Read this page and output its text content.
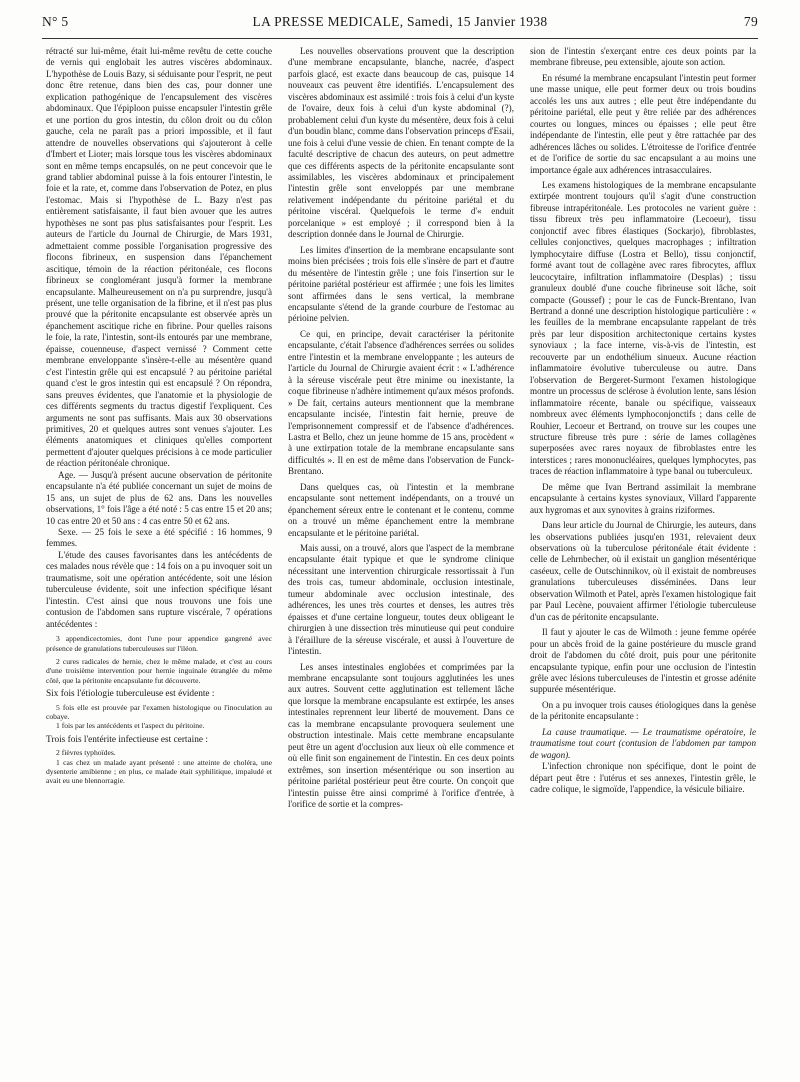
N° 5	LA PRESSE MEDICALE, Samedi, 15 Janvier 1938	79

rétracté sur lui-même, était lui-même revêtu de cette couche de vernis qui englobait les autres viscères abdominaux. L'hypothèse de Louis Bazy, si séduisante pour l'esprit, ne peut donc être retenue, dans bien des cas, pour donner une explication pathogénique de l'encapsulement des viscères abdominaux. Que l'épiploon puisse encapsuler l'intestin grêle et une portion du gros intestin, du côlon droit ou du côlon gauche, cela ne paraît pas a priori impossible, et il faut attendre de nouvelles observations qui s'ajouteront à celle d'Imbert et Lioter; mais lorsque tous les viscères abdominaux sont en même temps encapsulés, on ne peut concevoir que le grand tablier abdominal puisse à la fois entourer l'intestin, le foie et la rate, et, comme dans l'observation de Potez, en plus l'estomac. Mais si l'hypothèse de L. Bazy n'est pas entièrement satisfaisante, il faut bien avouer que les autres hypothèses ne sont pas plus satisfaisantes pour l'esprit. Les auteurs de l'article du Journal de Chirurgie, de Mars 1931, admettaient comme possible l'organisation progressive des flocons fibrineux, en suspension dans l'épanchement ascitique, témoin de la réaction péritonéale, ces flocons fibrineux se conglomérant jusqu'à former la membrane encapsulante. Malheureusement on n'a pu surprendre, jusqu'à présent, une telle organisation de la fibrine, et il n'est pas plus prouvé que la péritonite encapsulante est observée après un épanchement ascitique riche en fibrine. Pour quelles raisons le foie, la rate, l'intestin, sont-ils entourés par une membrane, épaisse, couenneuse, d'aspect vernissé ? Comment cette membrane enveloppante s'insère-t-elle au mésentère quand c'est l'intestin grêle qui est encapsulé ? au péritoine pariétal quand c'est le gros intestin qui est encapsulé ? On répondra, sans preuves évidentes, que l'anatomie et la physiologie de ces différents segments du tractus digestif l'expliquent. Ces arguments ne sont pas suffisants. Mais aux 30 observations primitives, 20 et quelques autres sont venues s'ajouter. Les éléments anatomiques et cliniques qu'elles comportent permettent d'ajouter quelques précisions à ce mode particulier de réaction péritonéale chronique.

Age. — Jusqu'à présent aucune observation de péritonite encapsulante n'a été publiée concernant un sujet de moins de 15 ans, un sujet de plus de 62 ans. Dans les nouvelles observations, 1° fois l'âge a été noté : 5 cas entre 15 et 20 ans; 10 cas entre 20 et 50 ans : 4 cas entre 50 et 62 ans.

Sexe. — 25 fois le sexe a été spécifié : 16 hommes, 9 femmes.

L'étude des causes favorisantes dans les antécédents de ces malades nous révèle que : 14 fois on a pu invoquer soit un traumatisme, soit une opération antécédente, soit une lésion tuberculeuse évidente, soit une infection spécifique lésant l'intestin. C'est ainsi que nous trouvons une fois une contusion de l'abdomen sans rupture viscérale, 7 opérations antécédentes :

3 appendicectomies, dont l'une pour appendice gangrené avec présence de granulations tuberculeuses sur l'iléon.

2 cures radicales de hernie, chez le même malade, et c'est au cours d'une troisième intervention pour hernie inguinale étranglée du même côté, que la péritonite encapsulante fut découverte.

Six fois l'étiologie tuberculeuse est évidente :

5 fois elle est prouvée par l'examen histologique ou l'inoculation au cobaye.

1 fois par les antécédents et l'aspect du péritoine.

Trois fois l'entérite infectieuse est certaine :

2 fièvres typhoïdes.

1 cas chez un malade ayant présenté : une atteinte de choléra, une dysenterie amibienne ; en plus, ce malade était syphilitique, impaludé et avait eu une blennorragie.

Les nouvelles observations prouvent que la description d'une membrane encapsulante, blanche, nacrée, d'aspect parfois glacé, est exacte dans beaucoup de cas, puisque 14 nouveaux cas peuvent être identifiés. L'encapsulement des viscères abdominaux est assimilé : trois fois à celui d'un kyste de l'ovaire, deux fois à celui d'un kyste abdominal (?), probablement celui d'un kyste du mésentère, deux fois à celui d'un boudin blanc, comme dans l'observation princeps d'Esaii, une fois à celui d'une vessie de chien. En tenant compte de la faculté descriptive de chacun des auteurs, on peut admettre que ces différents aspects de la péritonite encapsulante sont assimilables, les viscères abdominaux et principalement l'intestin grêle sont enveloppés par une membrane relativement indépendante du péritoine pariétal et du péritoine viscéral. Quelquefois le terme d'« enduit porcelanique » est employé ; il correspond bien à la description donnée dans le Journal de Chirurgie.

Les limites d'insertion de la membrane encapsulante sont moins bien précisées ; trois fois elle s'insère de part et d'autre du mésentère de l'intestin grêle ; une fois l'insertion sur le péritoine pariétal postérieur est affirmée ; une fois les limites sont affirmées dans le sens vertical, la membrane encapsulante s'étend de la grande courbure de l'estomac au périoine pelvien.

Ce qui, en principe, devait caractériser la péritonite encapsulante, c'était l'absence d'adhérences serrées ou solides entre l'intestin et la membrane enveloppante ; les auteurs de l'article du Journal de Chirurgie avaient écrit : « L'adhérence à la séreuse viscérale peut être minime ou inexistante, la coque fibrineuse n'adhère intimement qu'aux mésos profonds. » De fait, certains auteurs mentionnent que la membrane encapsulante incisée, l'intestin fait hernie, preuve de l'emprisonnement compressif et de l'absence d'adhérences. Lastra et Bello, chez un jeune homme de 15 ans, procèdent « à une extirpation totale de la membrane encapsulante sans difficultés ». Il en est de même dans l'observation de Funck-Brentano.

Dans quelques cas, où l'intestin et la membrane encapsulante sont nettement indépendants, on a trouvé un épanchement séreux entre le contenant et le contenu, comme on a trouvé un même épanchement entre la membrane encapsulante et le péritoine pariétal.

Mais aussi, on a trouvé, alors que l'aspect de la membrane encapsulante était typique et que le syndrome clinique nécessitant une intervention chirurgicale ressortissait à l'un des trois cas, tumeur abdominale, occlusion intestinale, tumeur abdominale avec occlusion intestinale, des adhérences, les unes très courtes et denses, les autres très épaisses et d'une certaine longueur, toutes deux obligeant le chirurgien à une dissection très minutieuse qui peut conduire à l'éraillure de la séreuse viscérale, et aussi à l'ouverture de l'intestin.

Les anses intestinales englobées et comprimées par la membrane encapsulante sont toujours agglutinées les unes aux autres. Souvent cette agglutination est tellement lâche que lorsque la membrane encapsulante est extirpée, les anses intestinales reprennent leur liberté de mouvement. Dans ce cas la membrane encapsulante provoquera seulement une obstruction intestinale. Mais cette membrane encapsulante peut être un agent d'occlusion aux lieux où elle commence et où elle finit son engainement de l'intestin. En ces deux points extrêmes, son insertion mésentérique ou son insertion au péritoine pariétal postérieur peut être courte. On conçoit que l'intestin puisse être ainsi comprimé à l'orifice d'entrée, à l'orifice de sortie et la compres-

sion de l'intestin s'exerçant entre ces deux points par la membrane fibreuse, peu extensible, ajoute son action.

En résumé la membrane encapsulant l'intestin peut former une masse unique, elle peut former deux ou trois boudins accolés les uns aux autres ; elle peut être indépendante du péritoine pariétal, elle peut y être reliée par des adhérences courtes ou longues, minces ou épaisses ; elle peut être indépendante de l'intestin, elle peut y être rattachée par des adhérences lâches ou solides. L'étroitesse de l'orifice d'entrée et de l'orifice de sortie du sac encapsulant a au moins une importance égale aux adhérences intrasacculaires.

Les examens histologiques de la membrane encapsulante extirpée montrent toujours qu'il s'agit d'une construction fibreuse intrapéritonéale. Les protocoles ne varient guère : tissu fibreux très peu inflammatoire (Lecoeur), tissu conjonctif avec fibres élastiques (Sockarjo), fibroblastes, cellules conjonctives, quelques macrophages ; infiltration lymphocytaire diffuse (Lostra et Bello), tissu conjonctif, formé avant tout de collagène avec rares fibrocytes, afflux leucocytaire, infiltration inflammatoire (Desplas) ; tissu granuleux doublé d'une couche fibrineuse soit lâche, soit compacte (Goussef) ; pour le cas de Funck-Brentano, Ivan Bertrand a donné une description histologique particulière : « les feuilles de la membrane encapsulante rappelant de très près par leur disposition architectonique certains kystes synoviaux ; la face interne, vis-à-vis de l'intestin, est recouverte par un endothélium sinueux. Aucune réaction inflammatoire évolutive tuberculeuse ou autre. Dans l'observation de Bergeret-Surmont l'examen histologique montre un processus de sclérose à évolution lente, sans lésion inflammatoire récente, banale ou spécifique, vaisseaux nombreux avec éléments lymphoconjonctifs ; dans celle de Rouhier, Lecoeur et Bertrand, on trouve sur les coupes une structure fibreuse très pure : série de lames collagènes superposées avec rares noyaux de fibroblastes entre les interstices ; rares mononucléaires, quelques lymphocytes, pas traces de réaction inflammatoire à type banal ou tuberculeux.

De même que Ivan Bertrand assimilait la membrane encapsulante à certains kystes synoviaux, Villard l'apparente aux hygromas et aux synovites à grains riziformes.

Dans leur article du Journal de Chirurgie, les auteurs, dans les observations publiées jusqu'en 1931, relevaient deux observations où la tuberculose péritonéale était évidente : celle de Lehrnbecher, où il existait un ganglion mésentérique caséeux, celle de Outschinnikov, où il existait de nombreuses granulations tuberculeuses disséminées. Dans leur observation Wilmoth et Patel, après l'examen histologique fait par Paul Lecène, pouvaient affirmer l'étiologie tuberculeuse d'un cas de péritonite encapsulante.

Il faut y ajouter le cas de Wilmoth : jeune femme opérée pour un abcès froid de la gaine postérieure du muscle grand droit de l'abdomen du côté droit, puis pour une péritonite encapsulante typique, enfin pour une occlusion de l'intestin grêle avec lésions tuberculeuses de l'intestin et grosse adénite suppurée mésentérique.

On a pu invoquer trois causes étiologiques dans la genèse de la péritonite encapsulante :

La cause traumatique. — Le traumatisme opératoire, le traumatisme tout court (contusion de l'abdomen par tampon de wagon).

L'infection chronique non spécifique, dont le point de départ peut être : l'utérus et ses annexes, l'intestin grêle, le cadre colique, le sigmoïde, l'appendice, la vésicule biliaire.
